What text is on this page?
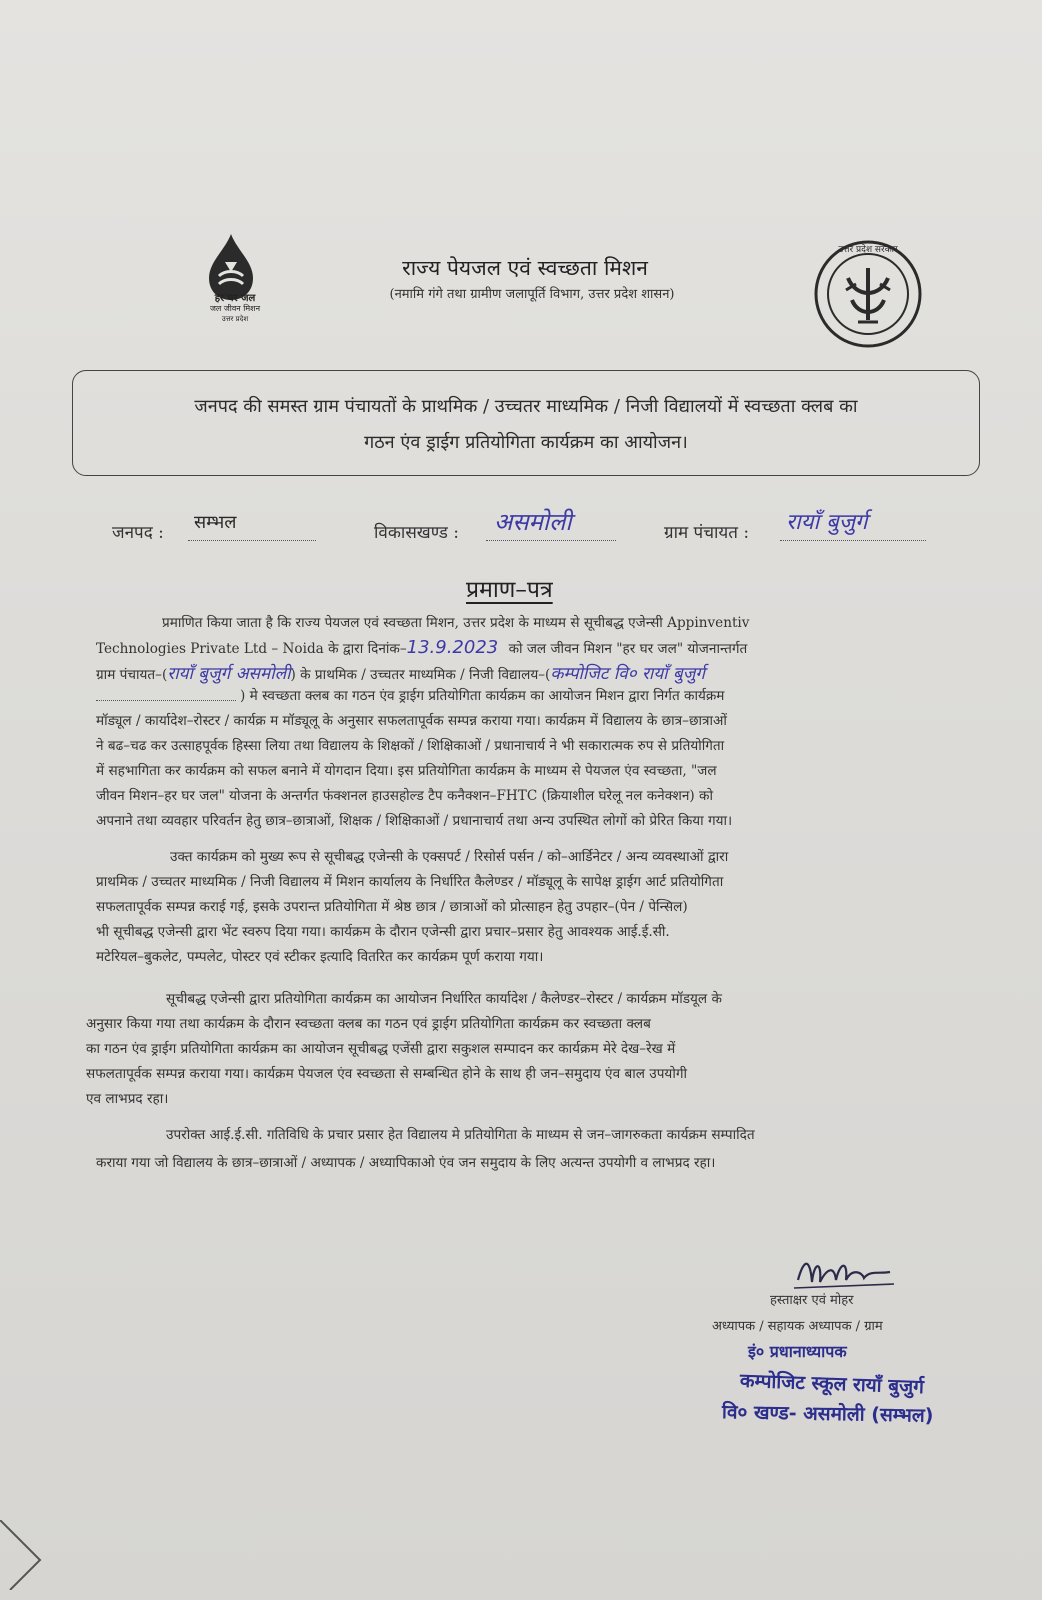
हर घर जल
जल जीवन मिशन
उत्तर प्रदेश
राज्य पेयजल एवं स्वच्छता मिशन
(नमामि गंगे तथा ग्रामीण जलापूर्ति विभाग, उत्तर प्रदेश शासन)
उत्तर प्रदेश सरकार
जनपद की समस्त ग्राम पंचायतों के प्राथमिक / उच्चतर माध्यमिक / निजी विद्यालयों में स्वच्छता क्लब का
गठन एंव ड्राईग प्रतियोगिता कार्यक्रम का आयोजन।
जनपद : सम्भल	विकासखण्ड : असमोली	ग्राम पंचायत : रायाँ बुजुर्ग
प्रमाण–पत्र
प्रमाणित किया जाता है कि राज्य पेयजल एवं स्वच्छता मिशन, उत्तर प्रदेश के माध्यम से सूचीबद्ध एजेन्सी Appinventiv
Technologies Private Ltd – Noida के द्वारा दिनांक–13.9.2023 को जल जीवन मिशन "हर घर जल" योजनान्तर्गत
ग्राम पंचायत–(रायाँ बुजुर्ग असमोली) के प्राथमिक / उच्चतर माध्यमिक / निजी विद्यालय–(कम्पोजिट वि० रायाँ बुजुर्ग
) मे स्वच्छता क्लब का गठन एंव ड्राईग प्रतियोगिता कार्यक्रम का आयोजन मिशन द्वारा निर्गत कार्यक्रम
मॉड्यूल / कार्यादेश–रोस्टर / कार्यक्र म मॉड्यूलू के अनुसार सफलतापूर्वक सम्पन्न कराया गया। कार्यक्रम में विद्यालय के छात्र–छात्राओं
ने बढ–चढ कर उत्साहपूर्वक हिस्सा लिया तथा विद्यालय के शिक्षकों / शिक्षिकाओं / प्रधानाचार्य ने भी सकारात्मक रुप से प्रतियोगिता
में सहभागिता कर कार्यक्रम को सफल बनाने में योगदान दिया। इस प्रतियोगिता कार्यक्रम के माध्यम से पेयजल एंव स्वच्छता, "जल
जीवन मिशन–हर घर जल" योजना के अन्तर्गत फंक्शनल हाउसहोल्ड टैप कनैक्शन–FHTC (क्रियाशील घरेलू नल कनेक्शन) को
अपनाने तथा व्यवहार परिवर्तन हेतु छात्र–छात्राओं, शिक्षक / शिक्षिकाओं / प्रधानाचार्य तथा अन्य उपस्थित लोगों को प्रेरित किया गया।
उक्त कार्यक्रम को मुख्य रूप से सूचीबद्ध एजेन्सी के एक्सपर्ट / रिसोर्स पर्सन / को–आर्डिनेटर / अन्य व्यवस्थाओं द्वारा
प्राथमिक / उच्चतर माध्यमिक / निजी विद्यालय में मिशन कार्यालय के निर्धारित कैलेण्डर / मॉड्यूलू के सापेक्ष ड्राईग आर्ट प्रतियोगिता
सफलतापूर्वक सम्पन्न कराई गई, इसके उपरान्त प्रतियोगिता में श्रेष्ठ छात्र / छात्राओं को प्रोत्साहन हेतु उपहार–(पेन / पेन्सिल)
भी सूचीबद्ध एजेन्सी द्वारा भेंट स्वरुप दिया गया। कार्यक्रम के दौरान एजेन्सी द्वारा प्रचार–प्रसार हेतु आवश्यक आई.ई.सी.
मटेरियल–बुकलेट, पम्पलेट, पोस्टर एवं स्टीकर इत्यादि वितरित कर कार्यक्रम पूर्ण कराया गया।
सूचीबद्ध एजेन्सी द्वारा प्रतियोगिता कार्यक्रम का आयोजन निर्धारित कार्यादेश / कैलेण्डर–रोस्टर / कार्यक्रम मॉडयूल के
अनुसार किया गया तथा कार्यक्रम के दौरान स्वच्छता क्लब का गठन एवं ड्राईग प्रतियोगिता कार्यक्रम कर स्वच्छता क्लब
का गठन एंव ड्राईग प्रतियोगिता कार्यक्रम का आयोजन सूचीबद्ध एजेंसी द्वारा सकुशल सम्पादन कर कार्यक्रम मेरे देख–रेख में
सफलतापूर्वक सम्पन्न कराया गया। कार्यक्रम पेयजल एंव स्वच्छता से सम्बन्धित होने के साथ ही जन–समुदाय एंव बाल उपयोगी
एव लाभप्रद रहा।
उपरोक्त आई.ई.सी. गतिविधि के प्रचार प्रसार हेत विद्यालय मे प्रतियोगिता के माध्यम से जन–जागरुकता कार्यक्रम सम्पादित
कराया गया जो विद्यालय के छात्र–छात्राओं / अध्यापक / अध्यापिकाओ एंव जन समुदाय के लिए अत्यन्त उपयोगी व लाभप्रद रहा।
हस्ताक्षर एवं मोहर
अध्यापक / सहायक अध्यापक / ग्राम
इं० प्रधानाध्यापक
कम्पोजिट स्कूल रायाँ बुजुर्ग
वि० खण्ड- असमोली (सम्भल)
